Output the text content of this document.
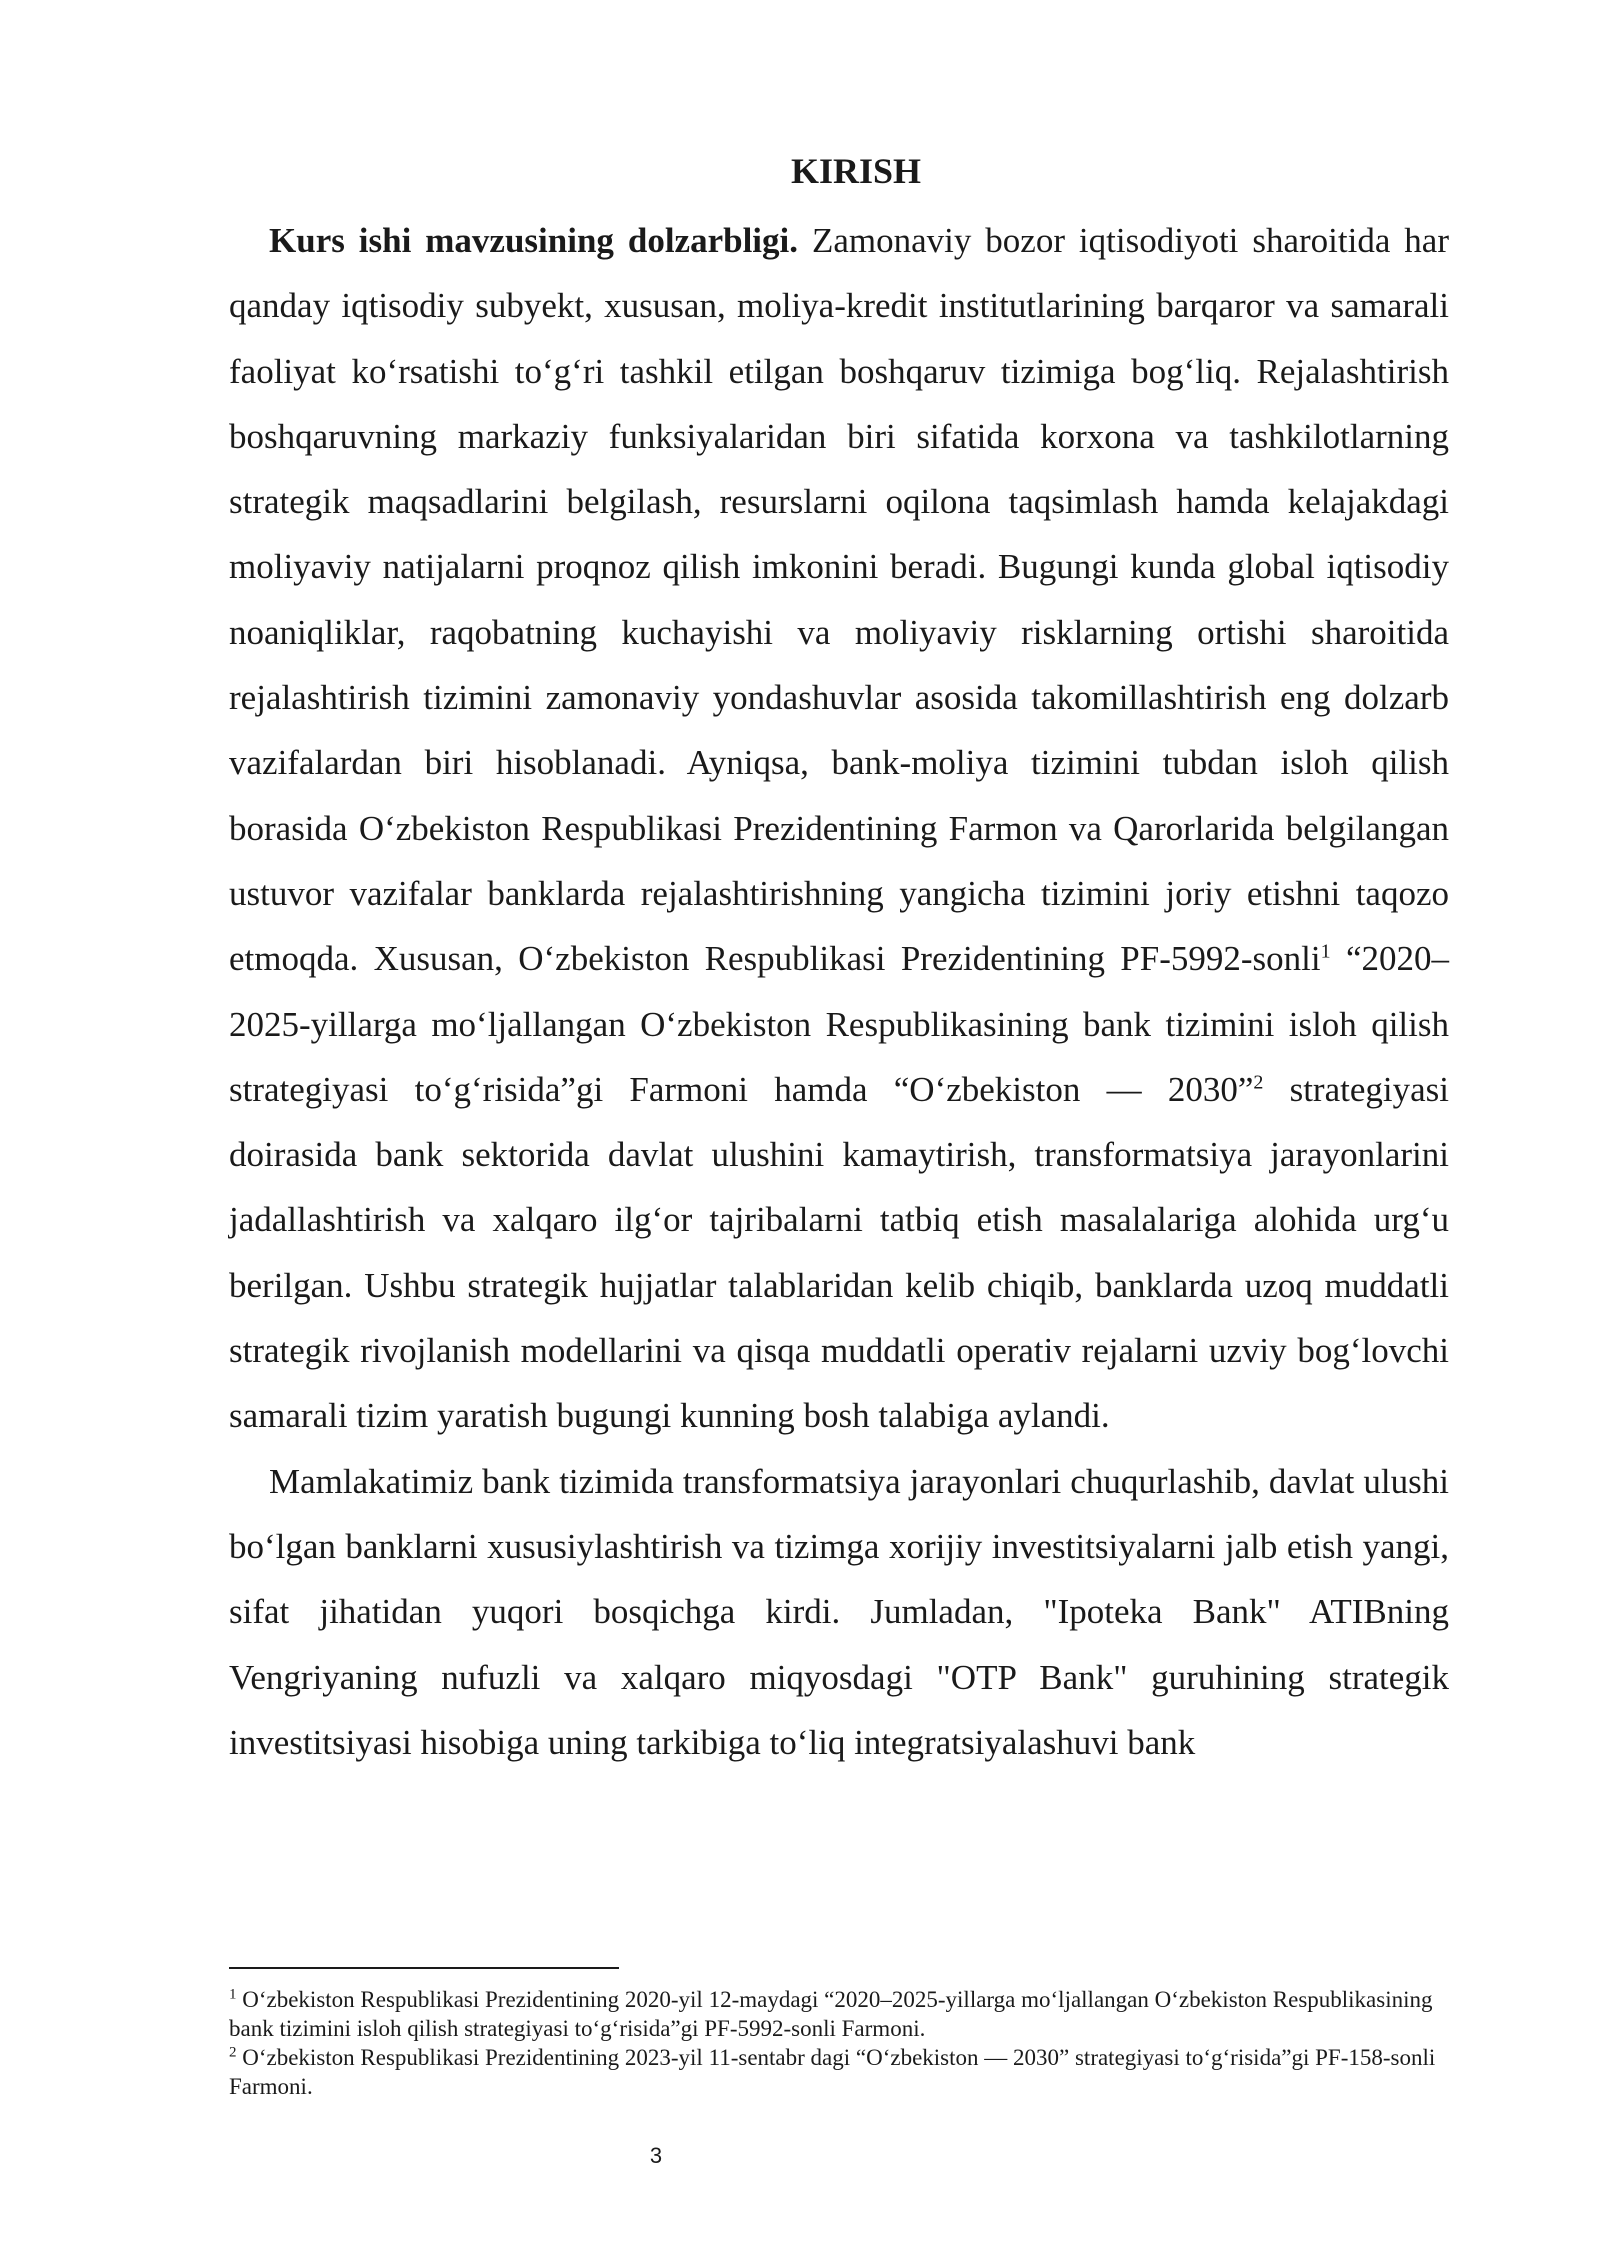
KIRISH

Kurs ishi mavzusining dolzarbligi. Zamonaviy bozor iqtisodiyoti sharoitida har qanday iqtisodiy subyekt, xususan, moliya-kredit institutlarining barqaror va samarali faoliyat koʻrsatishi toʻgʻri tashkil etilgan boshqaruv tizimiga bogʻliq. Rejalashtirish boshqaruvning markaziy funksiyalaridan biri sifatida korxona va tashkilotlarning strategik maqsadlarini belgilash, resurslarni oqilona taqsimlash hamda kelajakdagi moliyaviy natijalarni proqnoz qilish imkonini beradi. Bugungi kunda global iqtisodiy noaniqliklar, raqobatning kuchayishi va moliyaviy risklarning ortishi sharoitida rejalashtirish tizimini zamonaviy yondashuvlar asosida takomillashtirish eng dolzarb vazifalardan biri hisoblanadi. Ayniqsa, bank-moliya tizimini tubdan isloh qilish borasida Oʻzbekiston Respublikasi Prezidentining Farmon va Qarorlarida belgilangan ustuvor vazifalar banklarda rejalashtirishning yangicha tizimini joriy etishni taqozo etmoqda. Xususan, Oʻzbekiston Respublikasi Prezidentining PF-5992-sonli$^1$ “2020–2025-yillarga moʻljallangan Oʻzbekiston Respublikasining bank tizimini isloh qilish strategiyasi toʻgʻrisida”gi Farmoni hamda “Oʻzbekiston — 2030”$^2$ strategiyasi doirasida bank sektorida davlat ulushini kamaytirish, transformatsiya jarayonlarini jadallashtirish va xalqaro ilgʻor tajribalarni tatbiq etish masalalariga alohida urgʻu berilgan. Ushbu strategik hujjatlar talablaridan kelib chiqib, banklarda uzoq muddatli strategik rivojlanish modellarini va qisqa muddatli operativ rejalarni uzviy bogʻlovchi samarali tizim yaratish bugungi kunning bosh talabiga aylandi.

Mamlakatimiz bank tizimida transformatsiya jarayonlari chuqurlashib, davlat ulushi boʻlgan banklarni xususiylashtirish va tizimga xorijiy investitsiyalarni jalb etish yangi, sifat jihatidan yuqori bosqichga kirdi. Jumladan, "Ipoteka Bank" ATIBning Vengriyaning nufuzli va xalqaro miqyosdagi "OTP Bank" guruhining strategik investitsiyasi hisobiga uning tarkibiga toʻliq integratsiyalashuvi bank

$^1$ Oʻzbekiston Respublikasi Prezidentining 2020-yil 12-maydagi “2020–2025-yillarga moʻljallangan Oʻzbekiston Respublikasining bank tizimini isloh qilish strategiyasi toʻgʻrisida”gi PF-5992-sonli Farmoni.

$^2$ Oʻzbekiston Respublikasi Prezidentining 2023-yil 11-sentabr dagi “Oʻzbekiston — 2030” strategiyasi toʻgʻrisida”gi PF-158-sonli Farmoni.

3
